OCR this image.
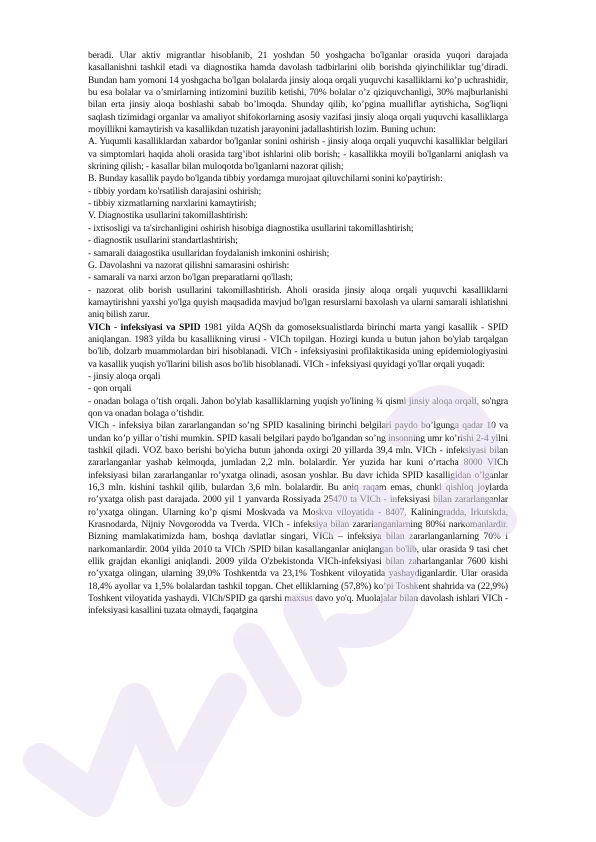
beradi. Ular aktiv migrantlar hisoblanib, 21 yoshdan 50 yoshgacha bo'lganlar orasida yuqori darajada kasallanishni tashkil etadi va diagnostika hamda davolash tadbirlarini olib borishda qiyinchiliklar tug’diradi. Bundan ham yomoni 14 yoshgacha bo'lgan bolalarda jinsiy aloqa orqali yuquvchi kasalliklarni ko’p uchrashidir, bu esa bolalar va o’smirlarning intizomini buzilib ketishi, 70% bolalar o’z qiziquvchanligi, 30% majburlanishi bilan erta jinsiy aloqa boshlashi sabab bo’lmoqda. Shunday qilib, ko’pgina mualliflar aytishicha, Sog'liqni saqlash tizimidagi organlar va amaliyot shifokorlarning asosiy vazifasi jinsiy aloqa orqali yuquvchi kasalliklarga moyillikni kamaytirish va kasallikdan tuzatish jarayonini jadallashtirish lozim. Buning uchun:

A. Yuqumli kasalliklardan xabardor bo'lganlar sonini oshirish - jinsiy aloqa orqali yuquvchi kasalliklar belgilari va simptomlari haqida aholi orasida targ’ibot ishlarini olib borish; - kasallikka moyili bo'lganlarni aniqlash va skrining qilish; - kasallar bilan muloqotda bo'lganlarni nazorat qilish;

B. Bunday kasallik paydo bo'lganda tibbiy yordamga murojaat qiluvchilarni sonini ko'paytirish:

- tibbiy yordam ko'rsatilish darajasini oshirish;

- tibbiy xizmatlarning narxlarini kamaytirish;

V. Diagnostika usullarini takomillashtirish:

- ixtisosligi va ta'sirchanligini oshirish hisobiga diagnostika usullarini takomillashtirish;

- diagnostik usullarini standartlashtirish;

- samarali daiagostika usullaridan foydalanish imkonini oshirish;

G. Davolashni va nazorat qilishni samarasini oshirish:

- samarali va narxi arzon bo'lgan preparatlarni qo'llash;

- nazorat olib borish usullarini takomillashtirish. Aholi orasida jinsiy aloqa orqali yuquvchi kasalliklarni kamaytirishni yaxshi yo'lga quyish maqsadida mavjud bo'lgan resurslarni baxolash va ularni samarali ishlatishni aniq bilish zarur.

VICh - infeksiyasi va SPID 1981 yilda AQSh da gomoseksualistlarda birinchi marta yangi kasallik - SPID aniqlangan. 1983 yilda bu kasallikning virusi - VICh topilgan. Hozirgi kunda u butun jahon bo'ylab tarqalgan bo'lib, dolzarb muammolardan biri hisoblanadi. VICh - infeksiyasini profilaktikasida uning epidemiologiyasini va kasallik yuqish yo'llarini bilish asos bo'lib hisoblanadi. VICh - infeksiyasi quyidagi yo'llar orqali yuqadi:

- jinsiy aloqa orqali

- qon orqali

- onadan bolaga o’tish orqali. Jahon bo'ylab kasalliklarning yuqish yo'lining ¾ qismi jinsiy aloqa orqali, so'ngra qon va onadan bolaga o’tishdir.

VICh - infeksiya bilan zararlangandan so’ng SPID kasalining birinchi belgilari paydo bo’lgunga qadar 10 va undan ko’p yillar o’tishi mumkin. SPID kasali belgilari paydo bo'lgandan so’ng insonning umr ko’rishi 2-4 yilni tashkil qiladi. VOZ baxo berishi bo'yicha butun jahonda oxirgi 20 yillarda 39,4 mln. VICh - infeksiyasi bilan zararlanganlar yashab kelmoqda, jumladan 2,2 mln. bolalardir. Yer yuzida har kuni o’rtacha 8000 VICh infeksiyasi bilan zararlanganlar ro’yxatga olinadi, asosan yoshlar. Bu davr ichida SPID kasalligidan o’lganlar 16,3 mln. kishini tashkil qilib, bulardan 3,6 mln. bolalardir. Bu aniq raqam emas, chunki qishloq joylarda ro’yxatga olish past darajada. 2000 yil 1 yanvarda Rossiyada 25470 ta VICh - infeksiyasi bilan zararlanganlar ro’yxatga olingan. Ularning ko’p qismi Moskvada va Moskva viloyatida - 8407, Kaliningradda, Irkutskda, Krasnodarda, Nijniy Novgorodda va Tverda. VICh - infeksiya bilan zararlanganlarning 80%i narkomanlardir. Bizning mamlakatimizda ham, boshqa davlatlar singari, VICh – infeksiya bilan zararlanganlarning 70% i narkomanlardir. 2004 yilda 2010 ta VICh /SPID bilan kasallanganlar aniqlangan bo'lib, ular orasida 9 tasi chet ellik grajdan ekanligi aniqlandi. 2009 yilda O'zbekistonda VICh-infeksiyasi bilan zaharlanganlar 7600 kishi ro’yxatga olingan, ularning 39,0% Toshkentda va 23,1% Toshkent viloyatida yashaydiganlardir. Ular orasida 18,4% ayollar va 1,5% bolalardan tashkil topgan. Chet elliklarning (57,8%) ko’pi Toshkent shahrida va (22,9%) Toshkent viloyatida yashaydi. VICh/SPID ga qarshi maxsus davo yo'q. Muolajalar bilan davolash ishlari VICh - infeksiyasi kasallini tuzata olmaydi, faqatgina
